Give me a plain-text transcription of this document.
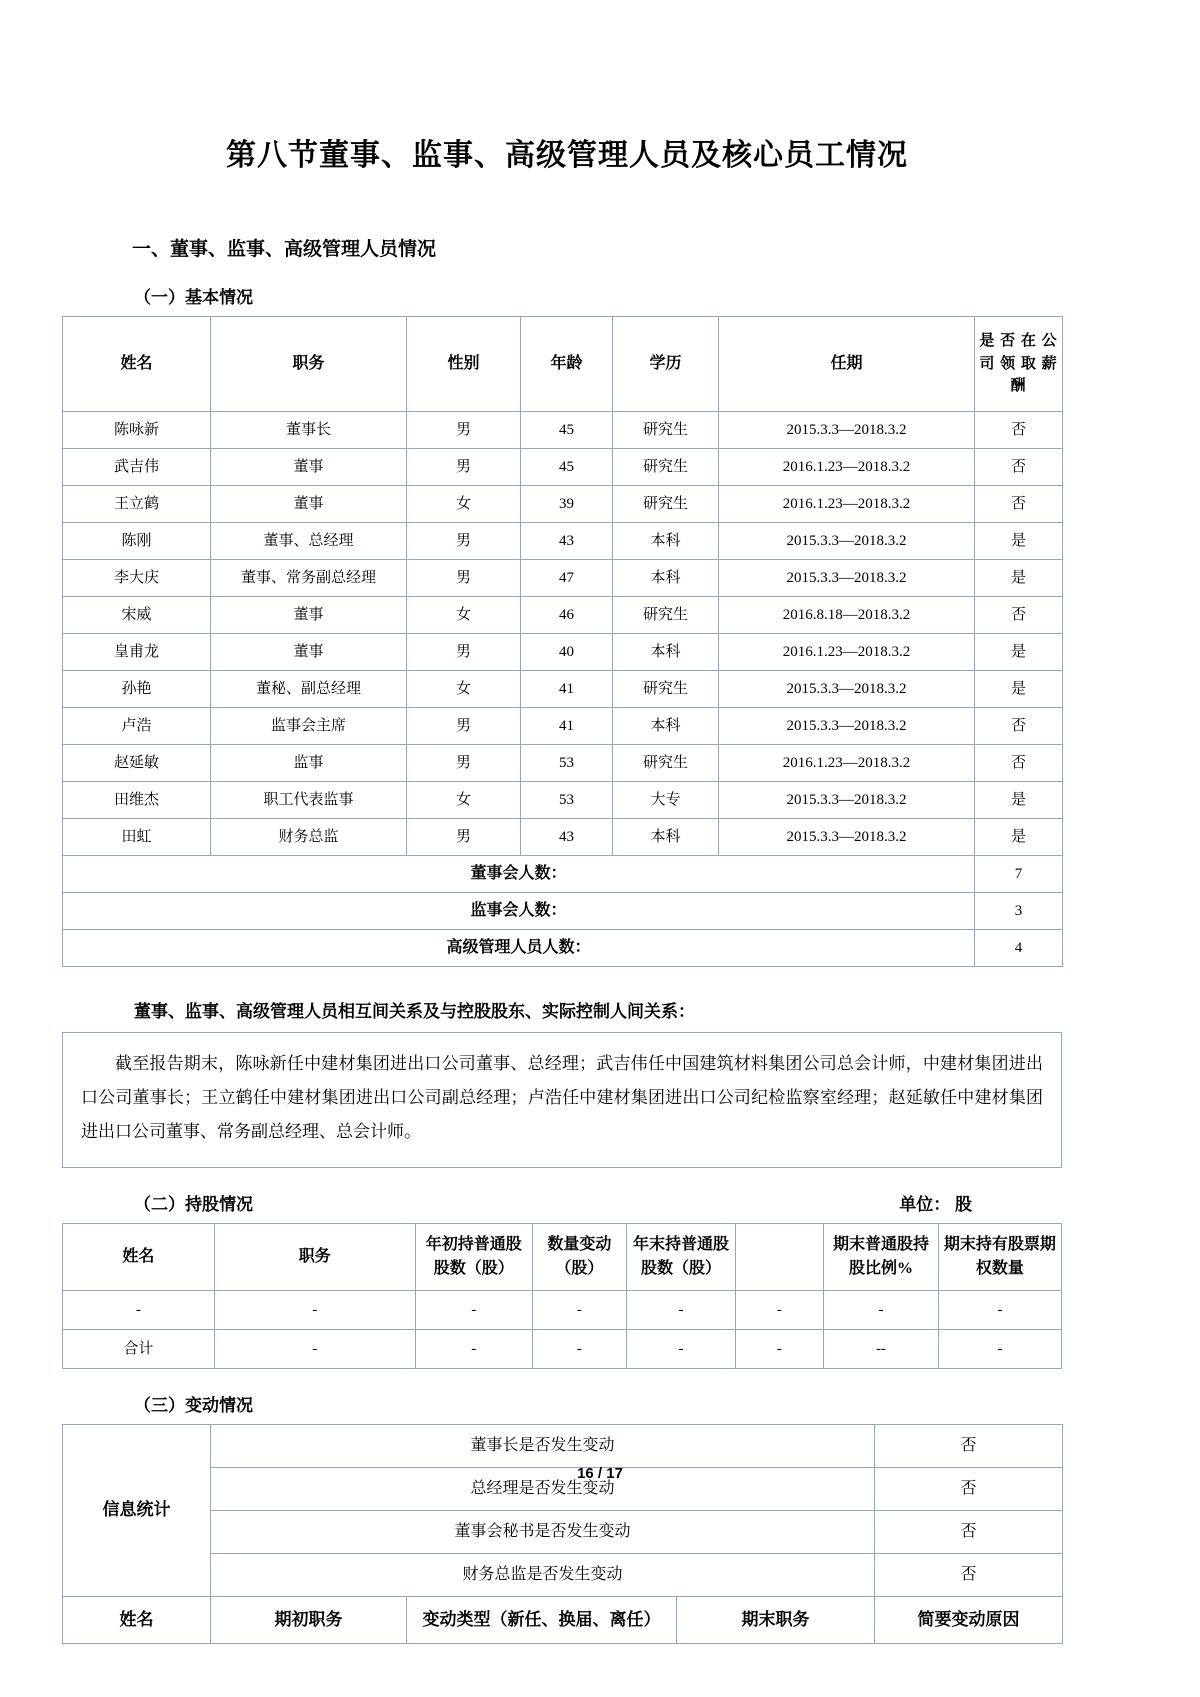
第八节董事、监事、高级管理人员及核心员工情况
一、董事、监事、高级管理人员情况
（一）基本情况
姓名	职务	性别	年龄	学历	任期	是 否 在 公司 领 取 薪酬
陈咏新	董事长	男	45	研究生	2015.3.3—2018.3.2	否
武吉伟	董事	男	45	研究生	2016.1.23—2018.3.2	否
王立鹤	董事	女	39	研究生	2016.1.23—2018.3.2	否
陈刚	董事、总经理	男	43	本科	2015.3.3—2018.3.2	是
李大庆	董事、常务副总经理	男	47	本科	2015.3.3—2018.3.2	是
宋威	董事	女	46	研究生	2016.8.18—2018.3.2	否
皇甫龙	董事	男	40	本科	2016.1.23—2018.3.2	是
孙艳	董秘、副总经理	女	41	研究生	2015.3.3—2018.3.2	是
卢浩	监事会主席	男	41	本科	2015.3.3—2018.3.2	否
赵延敏	监事	男	53	研究生	2016.1.23—2018.3.2	否
田维杰	职工代表监事	女	53	大专	2015.3.3—2018.3.2	是
田虹	财务总监	男	43	本科	2015.3.3—2018.3.2	是
董事会人数：						7
监事会人数：						3
高级管理人员人数：						4
董事、监事、高级管理人员相互间关系及与控股股东、实际控制人间关系：
截至报告期末，陈咏新任中建材集团进出口公司董事、总经理；武吉伟任中国建筑材料集团公司总会计师，中建材集团进出口公司董事长；王立鹤任中建材集团进出口公司副总经理；卢浩任中建材集团进出口公司纪检监察室经理；赵延敏任中建材集团进出口公司董事、常务副总经理、总会计师。
（二）持股情况	单位： 股
姓名	职务	年初持普通股股数（股）	数量变动（股）	年末持普通股股数（股）		期末普通股持股比例%	期末持有股票期权数量
-	-	-	-	-	-	-	-
合计	-	-	-	-	-	--	-
（三）变动情况
信息统计	董事长是否发生变动			否
	总经理是否发生变动			否
	董事会秘书是否发生变动			否
	财务总监是否发生变动			否
姓名	期初职务	变动类型（新任、换届、离任）	期末职务	简要变动原因
16 / 17
